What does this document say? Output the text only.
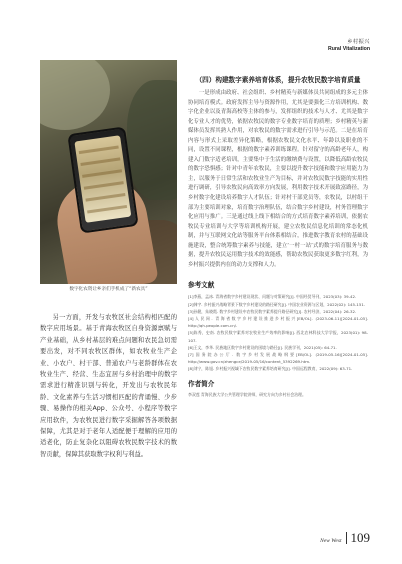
乡村振兴
Rural Vitalization
数字化农资让乡亲们手机成了“新农具”

另一方面，开发与农牧区社会结构相匹配的数字应用场景。基于青海农牧区自身资源禀赋与产业基础，从乡村基层的难点问题和农民急切需要出发，对不同农牧区群体，如农牧业生产企业、小农户、村干部、普通农户与老龄群体在农牧业生产、经营、生态宜居与乡村治理中的数字需求进行精准识别与转化，开发出与农牧民年龄、文化素养与生活习惯相匹配的背诵慢、少步骤、易操作的相关App、公众号、小程序等数字应用软件，为农牧民进行数字采掘解答各项数据保障，尤其是对于老年人适配便于理解的应用的适老化，防止复杂化以阻碍农牧民数字技术的数智贡献，保障其获取数字权利与利益。

（四）构建数字素养培育体系，提升农牧民数字培育质量

一是形成由政府、社会组织、乡村精英与新媒体员共同组成的多元主体协同培育模式。政府发挥主导与资源作用，尤其是要强化三方培训机构、数字化企业以及青海高校等主体的参与，发挥组织的技术与人才、尤其是数字化专业人才的优势，依据农牧民的数字专业数字培育的质理；乡村精英与新媒体员发挥其熟人作用，对农牧民的数字需求进行引导与示范。二是在培育内容与形式上采取差异化策略，根据农牧民文化水平、年龄以及职业的不同，设置不同课程，根据的数字素养训练课程。针对留守的高龄老年人，构建入门数字适老培训，主要集中于生活的缴纳费与设置，以降低高龄农牧民的数字恐惧感；针对中青年农牧民，主要以提升数字技能和数字应用能力为主，以服务于日常生活和农牧业生产为目标，并对农牧民数字技能的实用性进行调研，引导农牧民向高效率方向发展，利用数字技术开展致富路径，为乡村数字化建设培养数字人才队伍；针对村干部党员等，农牧民，以村组干部为主要培训对象，培育数字治理队伍，结合数字乡村建设，村务管理数字化应用与推广。三是通过线上线下相结合的方式培育数字素养培训，依据农牧民专业培训与大学等培训机构开展，建立农牧民信息化培训的常态化机制，并与互联网文化站等服务平台体系相结合，推进数字教育农村的基础设施建设，整合统筹数字素养与技能，建立‘一村一站’式的数字培育服务与数据，提升农牧民运用数字技术的效能感，帮助农牧民获取更多数字红利，为乡村振兴提供内在的动力支撑和人力。

参考文献
[1]李燕，孟冰. 青海省数字乡村建设现状、问题与对策研究[J]. 中国经贸导刊，2023(03): 39-42.
[2]韩宇. 乡村振兴战略背景下数字乡村建设的路径研究[J]. 中国农业资源与区划，2022(02): 145-151.
[3]孙健，朱晓霞. 数字乡村建设中农牧民数字素养提升路径研究[J]. 农村经济，2022(04): 26-32.
[4]人民网. 青海省数字乡村建设推进乡村振兴[EB/OL]. (2023-06-11)[2024-01-05]. http://qh.people.com.cn/.
[5]陈秀，史南. 农牧民数字素养对农牧业生产效率的影响[J]. 西北农林科技大学学报，2023(01): 98-107.
[6]王文，李华. 民族地区数字乡村建设的困境与路径[J]. 民族学刊，2021(05): 64-71.
[7]国务院办公厅. 数字乡村发展战略纲要[EB/OL]. (2019-05-16)[2024-01-05]. http://www.gov.cn/zhengce/2019-05/16/content_5392269.htm.
[8]刘宁，陈旭. 乡村振兴视域下农牧民数字素养培育研究[J]. 中国远程教育，2022(09): 63-71.
作者简介
李双莲 青海民族大学公共管理学院讲师，研究方向为乡村社会治理。
New West 109
